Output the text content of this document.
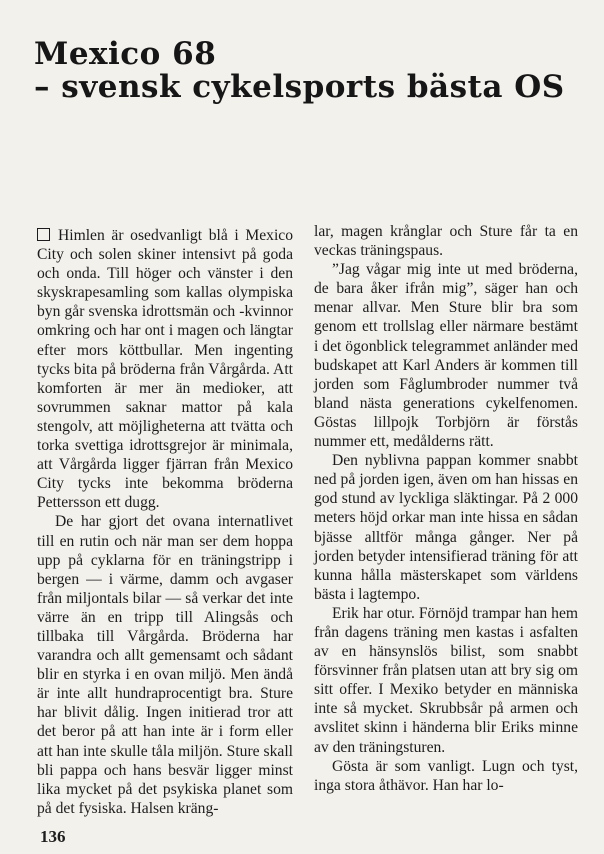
Mexico 68
– svensk cykelsports bästa OS

Himlen är osedvanligt blå i Mexico City och solen skiner intensivt på goda och onda. Till höger och vänster i den skyskrapesamling som kallas olympiska byn går svenska idrottsmän och -kvinnor omkring och har ont i magen och längtar efter mors köttbullar. Men ingenting tycks bita på bröderna från Vårgårda. Att komforten är mer än medioker, att sovrummen saknar mattor på kala stengolv, att möjligheterna att tvätta och torka svettiga idrottsgrejor är minimala, att Vårgårda ligger fjärran från Mexico City tycks inte bekomma bröderna Pettersson ett dugg.

De har gjort det ovana internatlivet till en rutin och när man ser dem hoppa upp på cyklarna för en träningstripp i bergen — i värme, damm och avgaser från miljontals bilar — så verkar det inte värre än en tripp till Alingsås och tillbaka till Vårgårda. Bröderna har varandra och allt gemensamt och sådant blir en styrka i en ovan miljö. Men ändå är inte allt hundraprocentigt bra. Sture har blivit dålig. Ingen initierad tror att det beror på att han inte är i form eller att han inte skulle tåla miljön. Sture skall bli pappa och hans besvär ligger minst lika mycket på det psykiska planet som på det fysiska. Halsen kräng-

lar, magen krånglar och Sture får ta en veckas träningspaus.

”Jag vågar mig inte ut med bröderna, de bara åker ifrån mig”, säger han och menar allvar. Men Sture blir bra som genom ett trollslag eller närmare bestämt i det ögonblick telegrammet anländer med budskapet att Karl Anders är kommen till jorden som Fåglumbroder nummer två bland nästa generations cykelfenomen. Göstas lillpojk Torbjörn är förstås nummer ett, medålderns rätt.

Den nyblivna pappan kommer snabbt ned på jorden igen, även om han hissas en god stund av lyckliga släktingar. På 2 000 meters höjd orkar man inte hissa en sådan bjässe alltför många gånger. Ner på jorden betyder intensifierad träning för att kunna hålla mästerskapet som världens bästa i lagtempo.

Erik har otur. Förnöjd trampar han hem från dagens träning men kastas i asfalten av en hänsynslös bilist, som snabbt försvinner från platsen utan att bry sig om sitt offer. I Mexiko betyder en människa inte så mycket. Skrubbsår på armen och avslitet skinn i händerna blir Eriks minne av den träningsturen.

Gösta är som vanligt. Lugn och tyst, inga stora åthävor. Han har lo-

136
